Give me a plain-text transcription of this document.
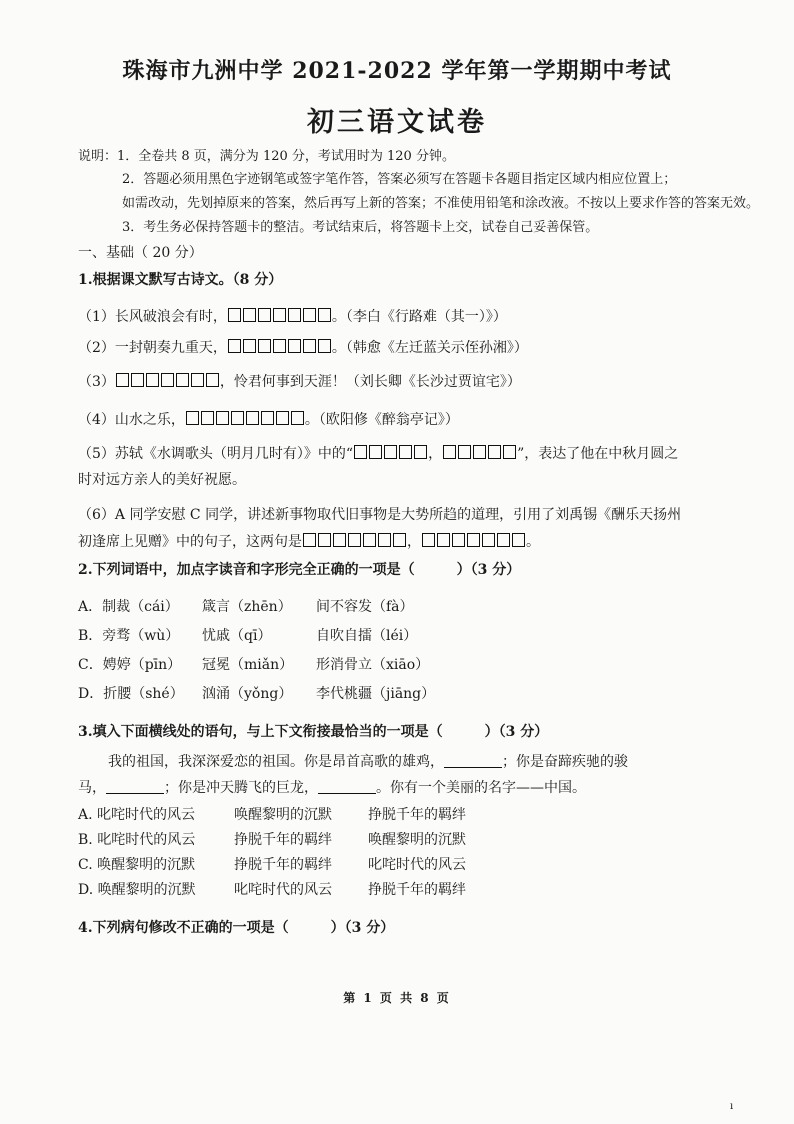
珠海市九洲中学 2021-2022 学年第一学期期中考试
初三语文试卷
说明：1．全卷共 8 页，满分为 120 分，考试用时为 120 分钟。
2．答题必须用黑色字迹钢笔或签字笔作答，答案必须写在答题卡各题目指定区域内相应位置上；
如需改动，先划掉原来的答案，然后再写上新的答案；不准使用铅笔和涂改液。不按以上要求作答的答案无效。
3．考生务必保持答题卡的整洁。考试结束后，将答题卡上交，试卷自己妥善保管。
一、基础（ 20 分）
1.根据课文默写古诗文。（8 分）
（1）长风破浪会有时，	。（李白《行路难（其一）》）
（2）一封朝奏九重天，	。（韩愈《左迁蓝关示侄孙湘》）
（3）	，怜君何事到天涯！（刘长卿《长沙过贾谊宅》）
（4）山水之乐，	。（欧阳修《醉翁亭记》）
（5）苏轼《水调歌头（明月几时有）》中的“	，	”，表达了他在中秋月圆之
时对远方亲人的美好祝愿。
（6）A 同学安慰 C 同学，讲述新事物取代旧事物是大势所趋的道理，引用了刘禹锡《酬乐天扬州
初逢席上见赠》中的句子，这两句是	，	。
2.下列词语中，加点字读音和字形完全正确的一项是（　　　）（3 分）
A．制裁（cái）	箴言（zhēn）	间不容发（fà）
B．旁骛（wù）	忧戚（qī）	自吹自擂（léi）
C．娉婷（pīn）	冠冕（miǎn）	形消骨立（xiāo）
D．折腰（shé）	汹涌（yǒng）	李代桃疆（jiāng）
3.填入下面横线处的语句，与上下文衔接最恰当的一项是（　　　）（3 分）
我的祖国，我深深爱恋的祖国。你是昂首高歌的雄鸡，	；你是奋蹄疾驰的骏
马，	；你是冲天腾飞的巨龙，	。你有一个美丽的名字——中国。
A. 叱咤时代的风云	唤醒黎明的沉默	挣脱千年的羁绊
B. 叱咤时代的风云	挣脱千年的羁绊	唤醒黎明的沉默
C. 唤醒黎明的沉默	挣脱千年的羁绊	叱咤时代的风云
D. 唤醒黎明的沉默	叱咤时代的风云	挣脱千年的羁绊
4.下列病句修改不正确的一项是（　　　）（3 分）
第 1 页 共 8 页
ı
